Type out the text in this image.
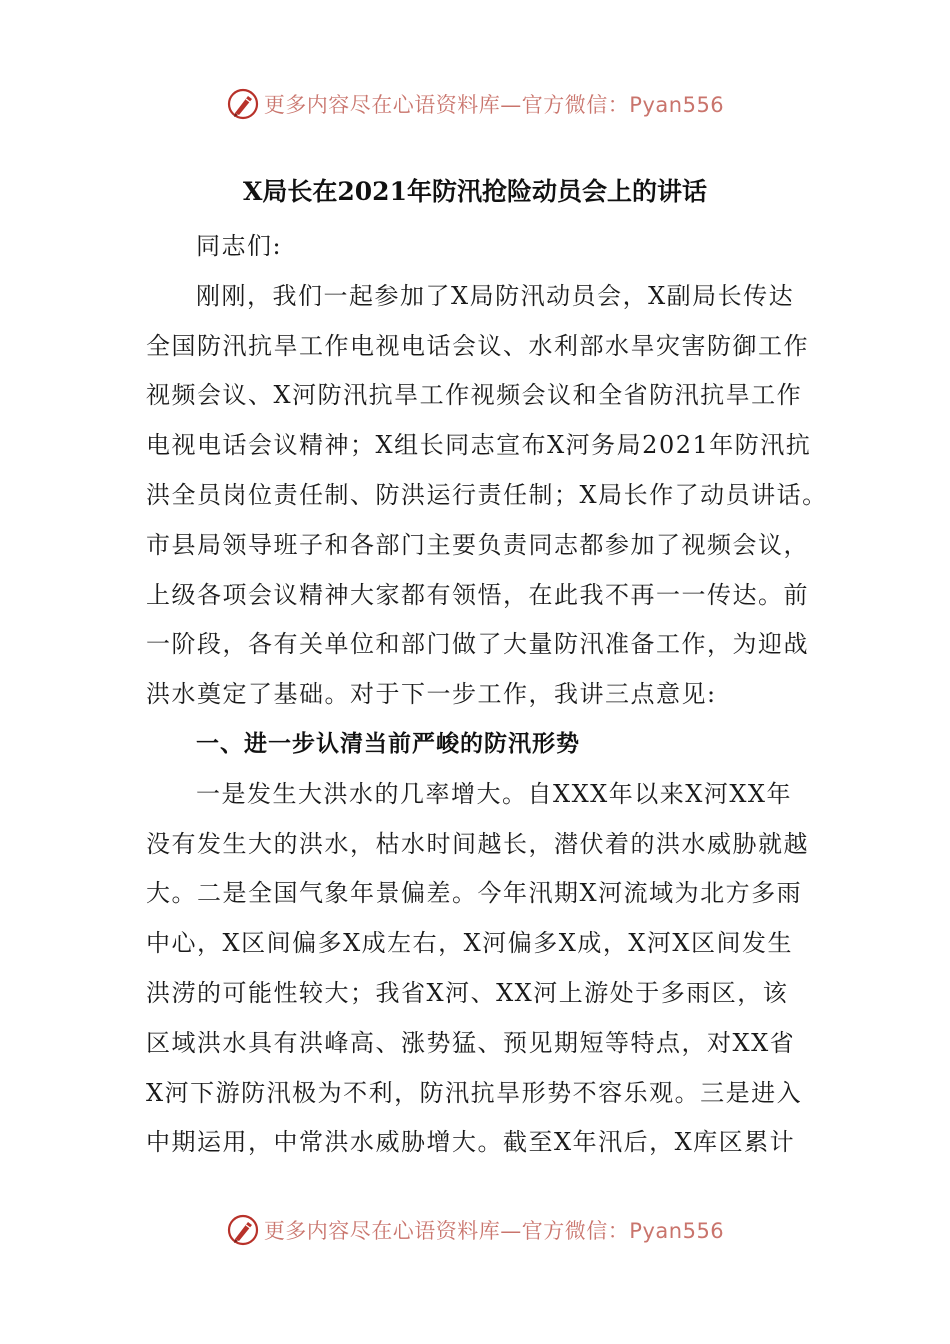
更多内容尽在心语资料库—官方微信：Pyan556
X局长在2021年防汛抢险动员会上的讲话
同志们:
刚刚，我们一起参加了X局防汛动员会，X副局长传达
全国防汛抗旱工作电视电话会议、水利部水旱灾害防御工作
视频会议、X河防汛抗旱工作视频会议和全省防汛抗旱工作
电视电话会议精神；X组长同志宣布X河务局2021年防汛抗
洪全员岗位责任制、防洪运行责任制；X局长作了动员讲话。
市县局领导班子和各部门主要负责同志都参加了视频会议，
上级各项会议精神大家都有领悟，在此我不再一一传达。前
一阶段，各有关单位和部门做了大量防汛准备工作，为迎战
洪水奠定了基础。对于下一步工作，我讲三点意见:
一、进一步认清当前严峻的防汛形势
一是发生大洪水的几率增大。自XXX年以来X河XX年
没有发生大的洪水，枯水时间越长，潜伏着的洪水威胁就越
大。二是全国气象年景偏差。今年汛期X河流域为北方多雨
中心，X区间偏多X成左右，X河偏多X成，X河X区间发生
洪涝的可能性较大；我省X河、XX河上游处于多雨区，该
区域洪水具有洪峰高、涨势猛、预见期短等特点，对XX省
X河下游防汛极为不利，防汛抗旱形势不容乐观。三是进入
中期运用，中常洪水威胁增大。截至X年汛后，X库区累计
更多内容尽在心语资料库—官方微信：Pyan556
